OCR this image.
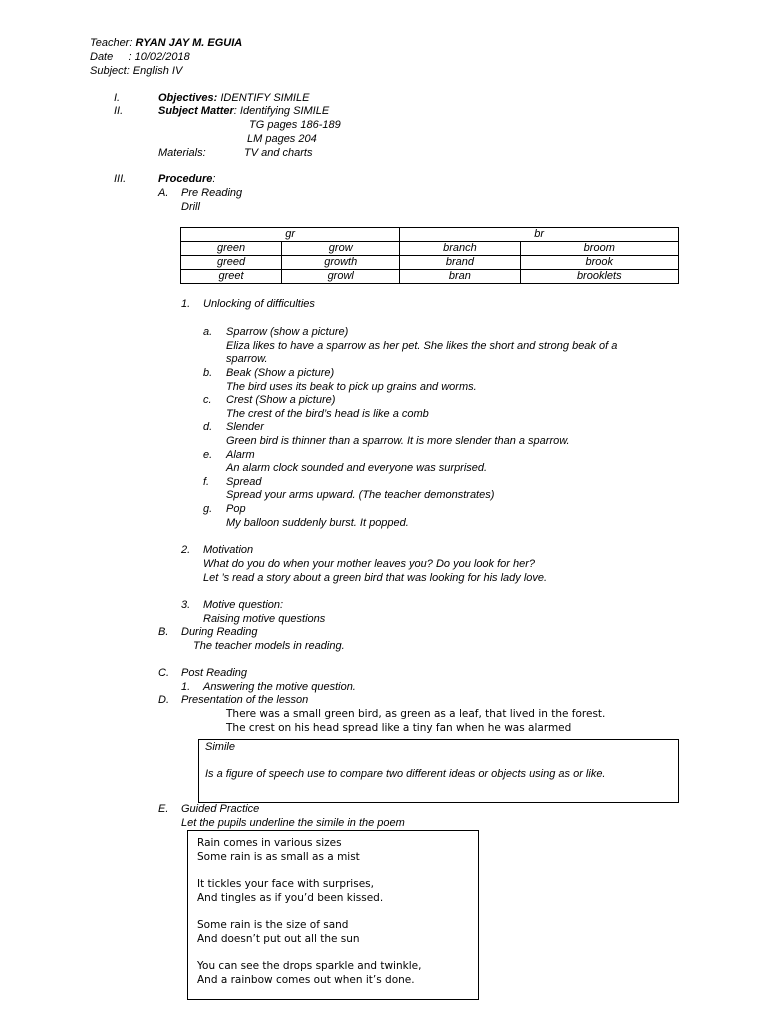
Teacher: RYAN JAY M. EGUIA
Date     : 10/02/2018
Subject: English IV
I.	Objectives: IDENTIFY SIMILE
II.	Subject Matter: Identifying SIMILE
TG pages 186-189
LM pages 204
Materials:	TV and charts
III.	Procedure:
A. Pre Reading
Drill
gr		br	
green	grow	branch	broom
greed	growth	brand	brook
greet	growl	bran	brooklets
1. Unlocking of difficulties
a. Sparrow (show a picture)
Eliza likes to have a sparrow as her pet. She likes the short and strong beak of a
sparrow.
b. Beak (Show a picture)
The bird uses its beak to pick up grains and worms.
c. Crest (Show a picture)
The crest of the bird’s head is like a comb
d. Slender
Green bird is thinner than a sparrow. It is more slender than a sparrow.
e. Alarm
An alarm clock sounded and everyone was surprised.
f. Spread
Spread your arms upward. (The teacher demonstrates)
g. Pop
My balloon suddenly burst. It popped.
2. Motivation
What do you do when your mother leaves you? Do you look for her?
Let ’s read a story about a green bird that was looking for his lady love.
3. Motive question:
Raising motive questions
B. During Reading
The teacher models in reading.
C. Post Reading
1. Answering the motive question.
D. Presentation of the lesson
There was a small green bird, as green as a leaf, that lived in the forest.
The crest on his head spread like a tiny fan when he was alarmed
Simile
Is a figure of speech use to compare two different ideas or objects using as or like.
E. Guided Practice
Let the pupils underline the simile in the poem
Rain comes in various sizes
Some rain is as small as a mist
It tickles your face with surprises,
And tingles as if you’d been kissed.
Some rain is the size of sand
And doesn’t put out all the sun
You can see the drops sparkle and twinkle,
And a rainbow comes out when it’s done.
